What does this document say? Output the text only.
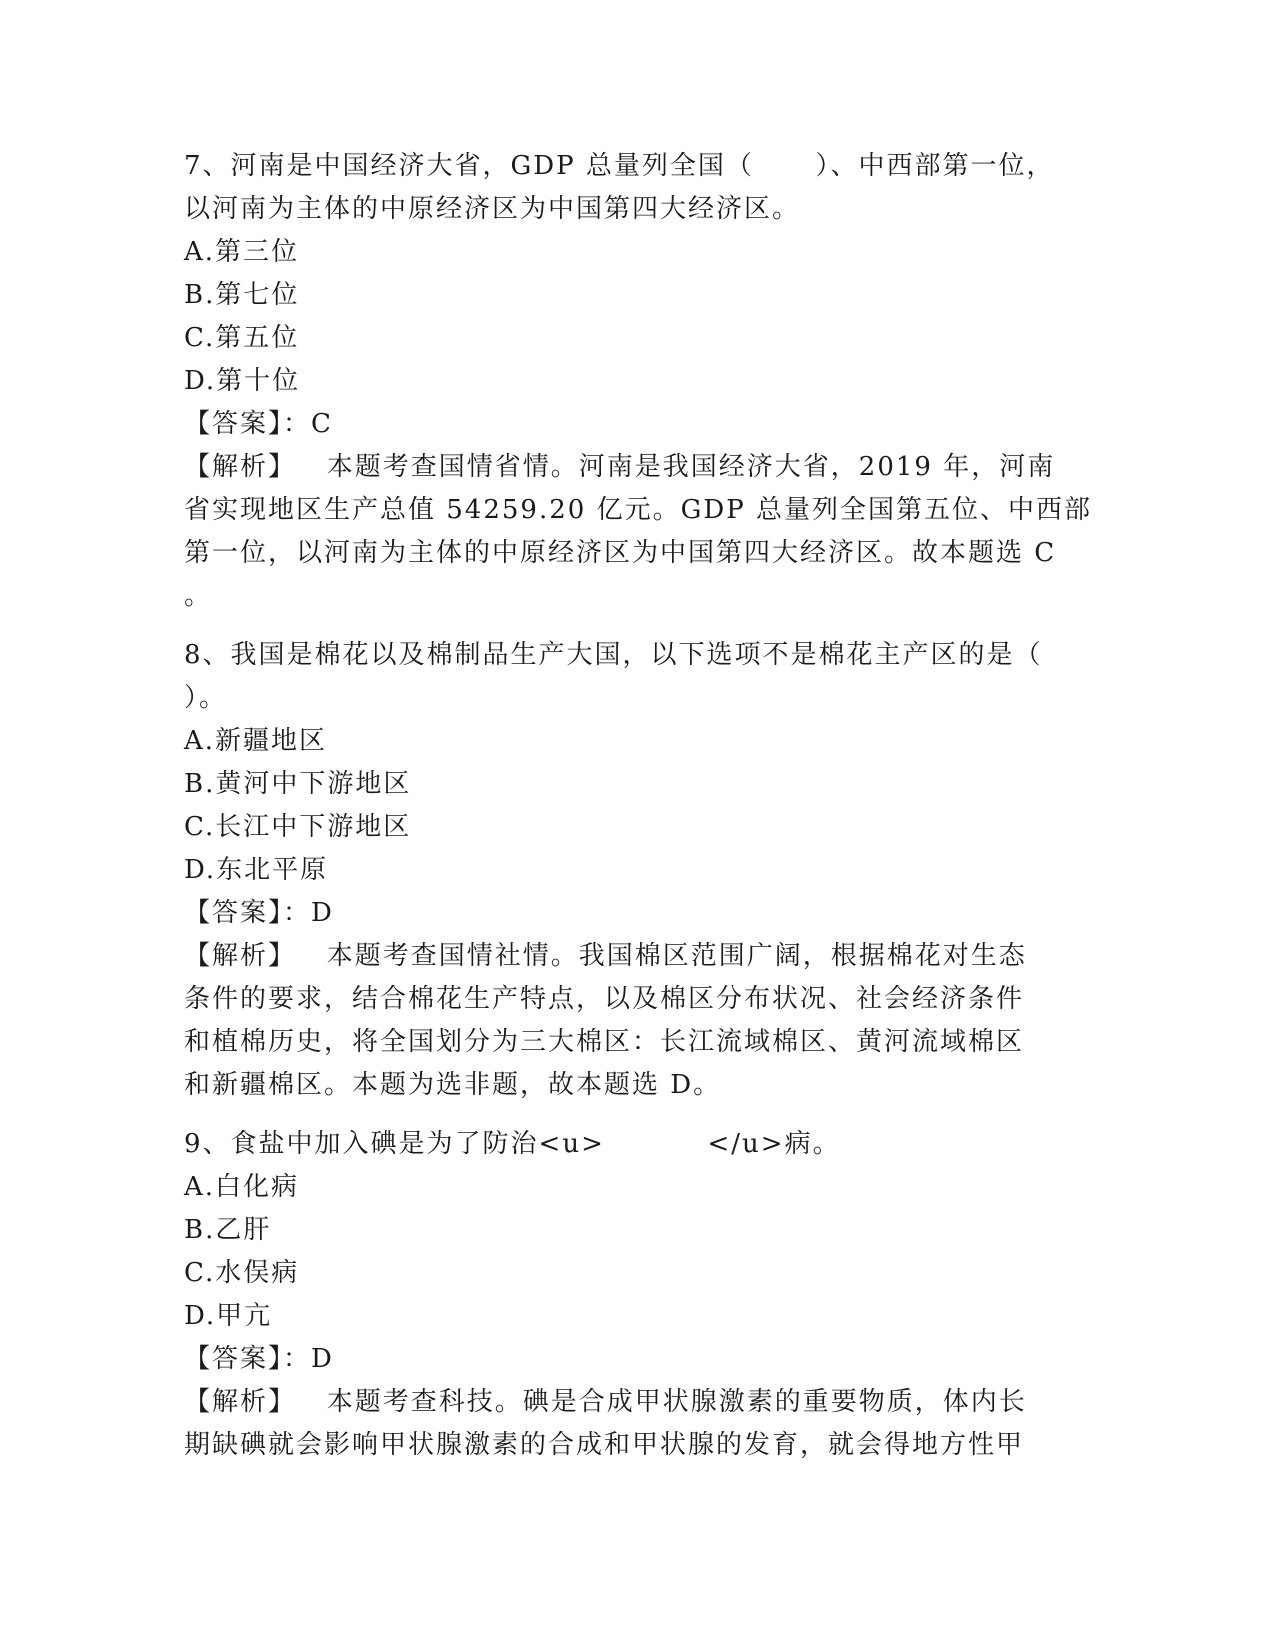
7、河南是中国经济大省，GDP 总量列全国（      ）、中西部第一位，
以河南为主体的中原经济区为中国第四大经济区。
A.第三位
B.第七位
C.第五位
D.第十位
【答案】：C
【解析】   本题考查国情省情。河南是我国经济大省，2019 年，河南
省实现地区生产总值 54259.20 亿元。GDP 总量列全国第五位、中西部
第一位，以河南为主体的中原经济区为中国第四大经济区。故本题选 C
。
8、我国是棉花以及棉制品生产大国，以下选项不是棉花主产区的是（
）。
A.新疆地区
B.黄河中下游地区
C.长江中下游地区
D.东北平原
【答案】：D
【解析】   本题考查国情社情。我国棉区范围广阔，根据棉花对生态
条件的要求，结合棉花生产特点，以及棉区分布状况、社会经济条件
和植棉历史，将全国划分为三大棉区：长江流域棉区、黄河流域棉区
和新疆棉区。本题为选非题，故本题选 D。
9、食盐中加入碘是为了防治<u>          </u>病。
A.白化病
B.乙肝
C.水俣病
D.甲亢
【答案】：D
【解析】   本题考查科技。碘是合成甲状腺激素的重要物质，体内长
期缺碘就会影响甲状腺激素的合成和甲状腺的发育，就会得地方性甲
